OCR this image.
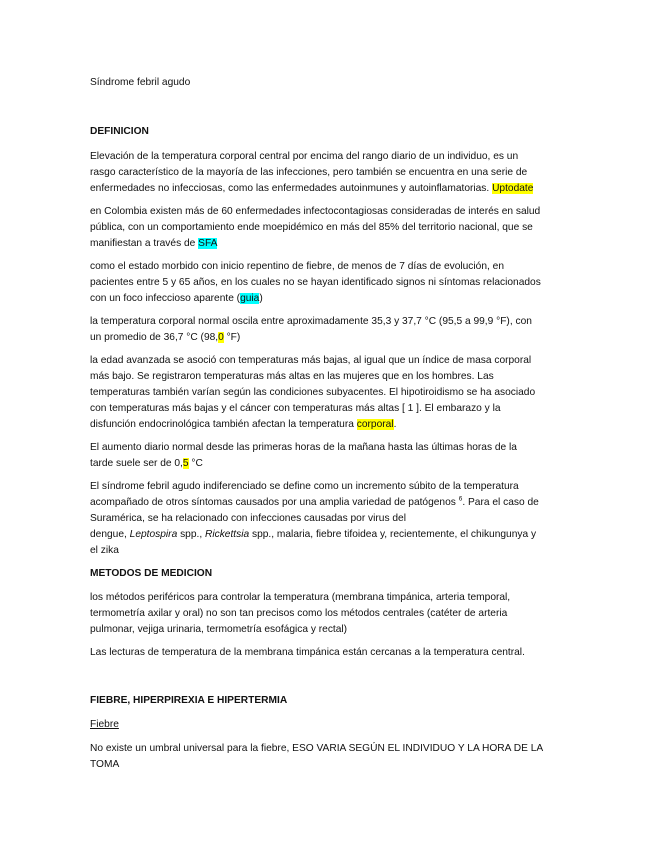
Síndrome febril agudo
DEFINICION
Elevación de la temperatura corporal central por encima del rango diario de un individuo, es un
rasgo característico de la mayoría de las infecciones, pero también se encuentra en una serie de
enfermedades no infecciosas, como las enfermedades autoinmunes y autoinflamatorias. Uptodate
en Colombia existen más de 60 enfermedades infectocontagiosas consideradas de interés en salud
pública, con un comportamiento ende moepidémico en más del 85% del territorio nacional, que se
manifiestan a través de SFA
como el estado morbido con inicio repentino de fiebre, de menos de 7 días de evolución, en
pacientes entre 5 y 65 años, en los cuales no se hayan identificado signos ni síntomas relacionados
con un foco infeccioso aparente (guia)
la temperatura corporal normal oscila entre aproximadamente 35,3 y 37,7 °C (95,5 a 99,9 °F), con
un promedio de 36,7 °C (98,0 °F)
la edad avanzada se asoció con temperaturas más bajas, al igual que un índice de masa corporal
más bajo. Se registraron temperaturas más altas en las mujeres que en los hombres. Las
temperaturas también varían según las condiciones subyacentes. El hipotiroidismo se ha asociado
con temperaturas más bajas y el cáncer con temperaturas más altas [ 1 ]. El embarazo y la
disfunción endocrinológica también afectan la temperatura corporal.
El aumento diario normal desde las primeras horas de la mañana hasta las últimas horas de la
tarde suele ser de 0,5 °C
El síndrome febril agudo indiferenciado se define como un incremento súbito de la temperatura
acompañado de otros síntomas causados por una amplia variedad de patógenos $^6$. Para el caso de
Suramérica, se ha relacionado con infecciones causadas por virus del
dengue, Leptospira spp., Rickettsia spp., malaria, fiebre tifoidea y, recientemente, el chikungunya y
el zika
METODOS DE MEDICION
los métodos periféricos para controlar la temperatura (membrana timpánica, arteria temporal,
termometría axilar y oral) no son tan precisos como los métodos centrales (catéter de arteria
pulmonar, vejiga urinaria, termometría esofágica y rectal)
Las lecturas de temperatura de la membrana timpánica están cercanas a la temperatura central.
FIEBRE, HIPERPIREXIA E HIPERTERMIA
Fiebre
No existe un umbral universal para la fiebre, ESO VARIA SEGÚN EL INDIVIDUO Y LA HORA DE LA
TOMA
